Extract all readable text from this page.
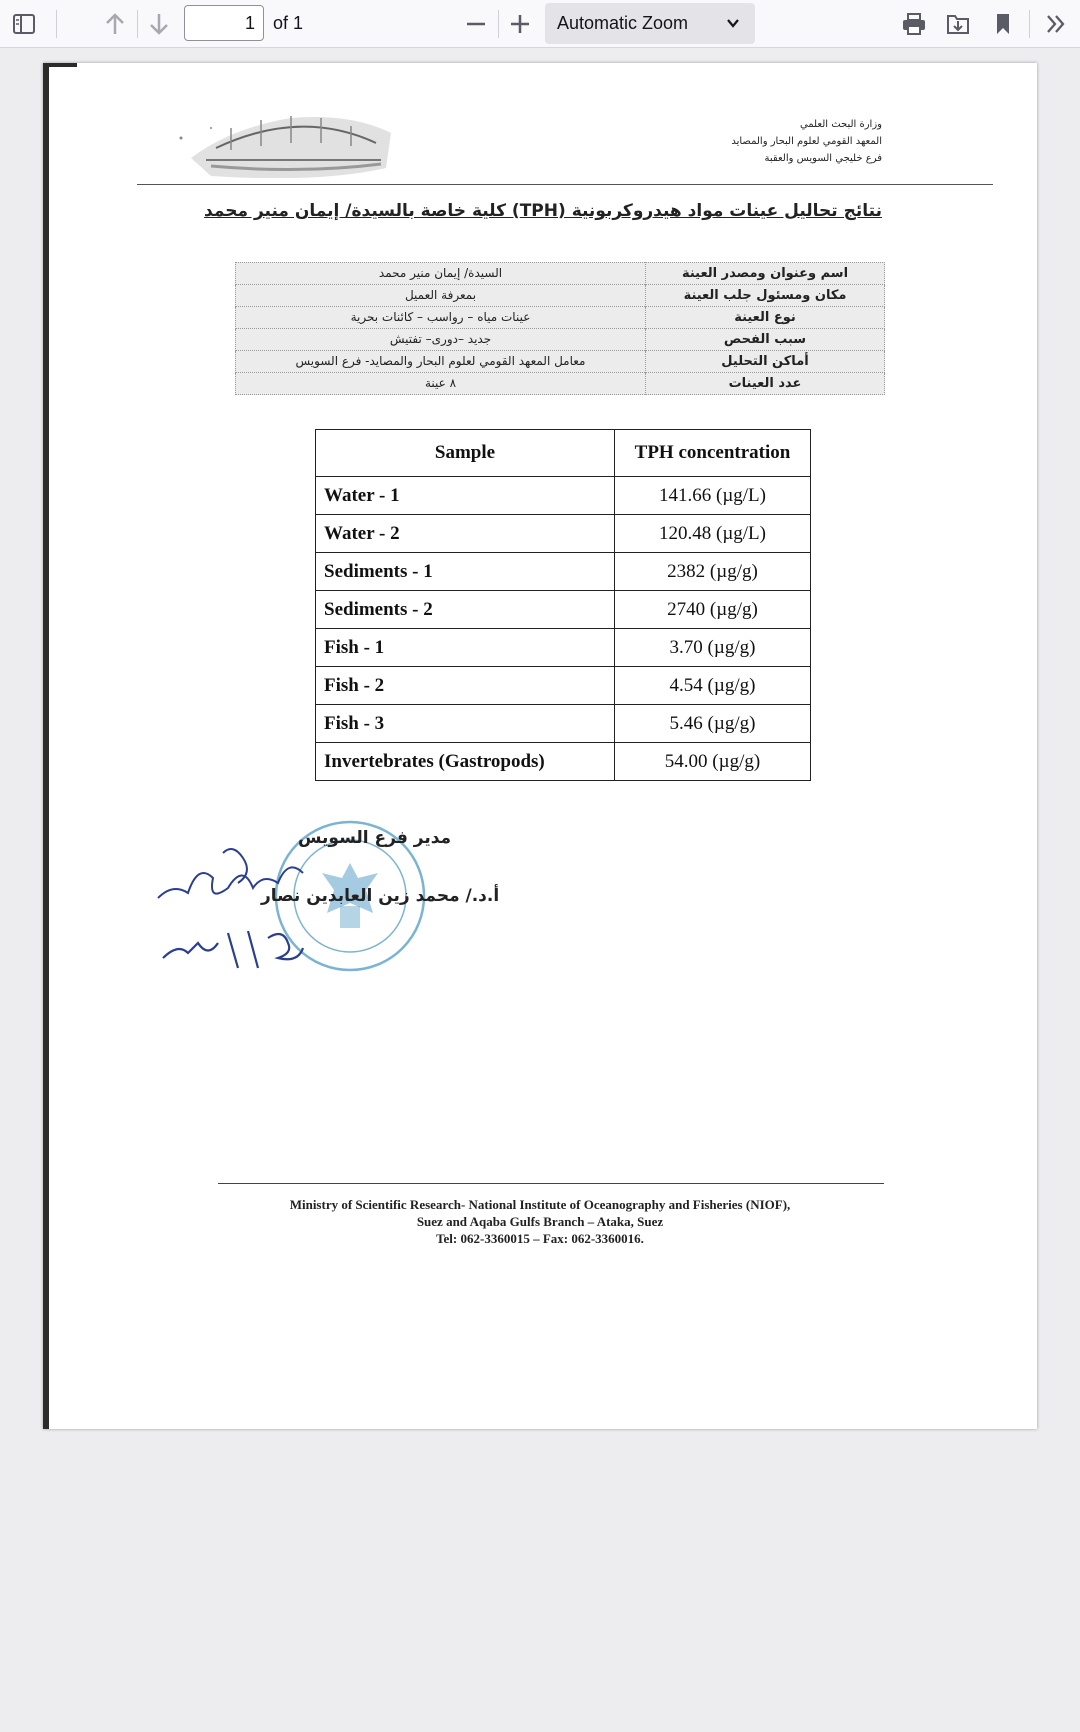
1	of 1	Automatic Zoom
وزارة البحث العلمي
المعهد القومي لعلوم البحار والمصايد
فرع خليجي السويس والعقبة
نتائج تحاليل عينات مواد هيدروكربونية (TPH) كلية خاصة بالسيدة/ إيمان منير محمد
اسم وعنوان ومصدر العينة	السيدة/ إيمان منير محمد
مكان ومسئول جلب العينة	بمعرفة العميل
نوع العينة	عينات مياه – رواسب – كائنات بحرية
سبب الفحص	جديد –دورى– تفتيش
أماكن التحليل	معامل المعهد القومي لعلوم البحار والمصايد- فرع السويس
عدد العينات	٨ عينة
Sample	TPH concentration
Water - 1	141.66 (µg/L)
Water - 2	120.48 (µg/L)
Sediments - 1	2382 (µg/g)
Sediments - 2	2740 (µg/g)
Fish - 1	3.70 (µg/g)
Fish - 2	4.54 (µg/g)
Fish - 3	5.46 (µg/g)
Invertebrates (Gastropods)	54.00 (µg/g)
مدير فرع السويس
أ.د./ محمد زين العابدين نصار
Ministry of Scientific Research- National Institute of Oceanography and Fisheries (NIOF),
Suez and Aqaba Gulfs Branch – Ataka, Suez
Tel: 062-3360015 – Fax: 062-3360016.
